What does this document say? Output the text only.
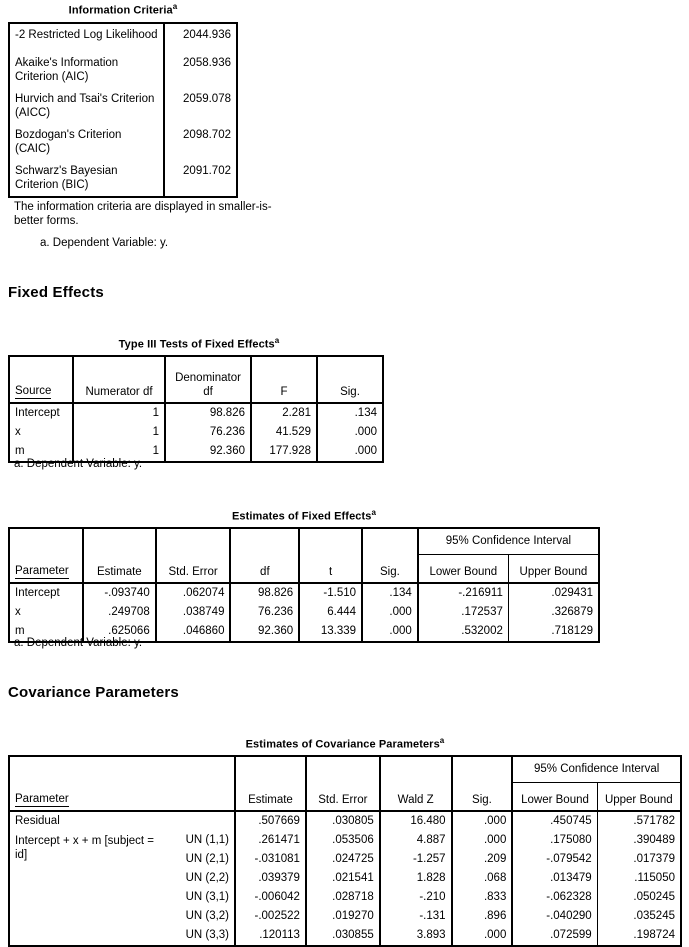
Information Criteria$^a$
-2 Restricted Log Likelihood	2044.936
Akaike's Information Criterion (AIC)	2058.936
Hurvich and Tsai's Criterion (AICC)	2059.078
Bozdogan's Criterion (CAIC)	2098.702
Schwarz's Bayesian Criterion (BIC)	2091.702
The information criteria are displayed in smaller-is-better forms.
a. Dependent Variable: y.
Fixed Effects
Type III Tests of Fixed Effects$^a$
Source	Numerator df	Denominator df	F	Sig.
Intercept	1	98.826	2.281	.134
x	1	76.236	41.529	.000
m	1	92.360	177.928	.000
a. Dependent Variable: y.
Estimates of Fixed Effects$^a$
Parameter	Estimate	Std. Error	df	t	Sig.	95% Confidence Interval	
						Lower Bound	Upper Bound
Intercept	-.093740	.062074	98.826	-1.510	.134	-.216911	.029431
x	.249708	.038749	76.236	6.444	.000	.172537	.326879
m	.625066	.046860	92.360	13.339	.000	.532002	.718129
a. Dependent Variable: y.
Covariance Parameters
Estimates of Covariance Parameters$^a$
Parameter		Estimate	Std. Error	Wald Z	Sig.	95% Confidence Interval	
						Lower Bound	Upper Bound
Residual		.507669	.030805	16.480	.000	.450745	.571782
Intercept + x + m [subject = id]	UN (1,1)	.261471	.053506	4.887	.000	.175080	.390489
	UN (2,1)	-.031081	.024725	-1.257	.209	-.079542	.017379
	UN (2,2)	.039379	.021541	1.828	.068	.013479	.115050
	UN (3,1)	-.006042	.028718	-.210	.833	-.062328	.050245
	UN (3,2)	-.002522	.019270	-.131	.896	-.040290	.035245
	UN (3,3)	.120113	.030855	3.893	.000	.072599	.198724
